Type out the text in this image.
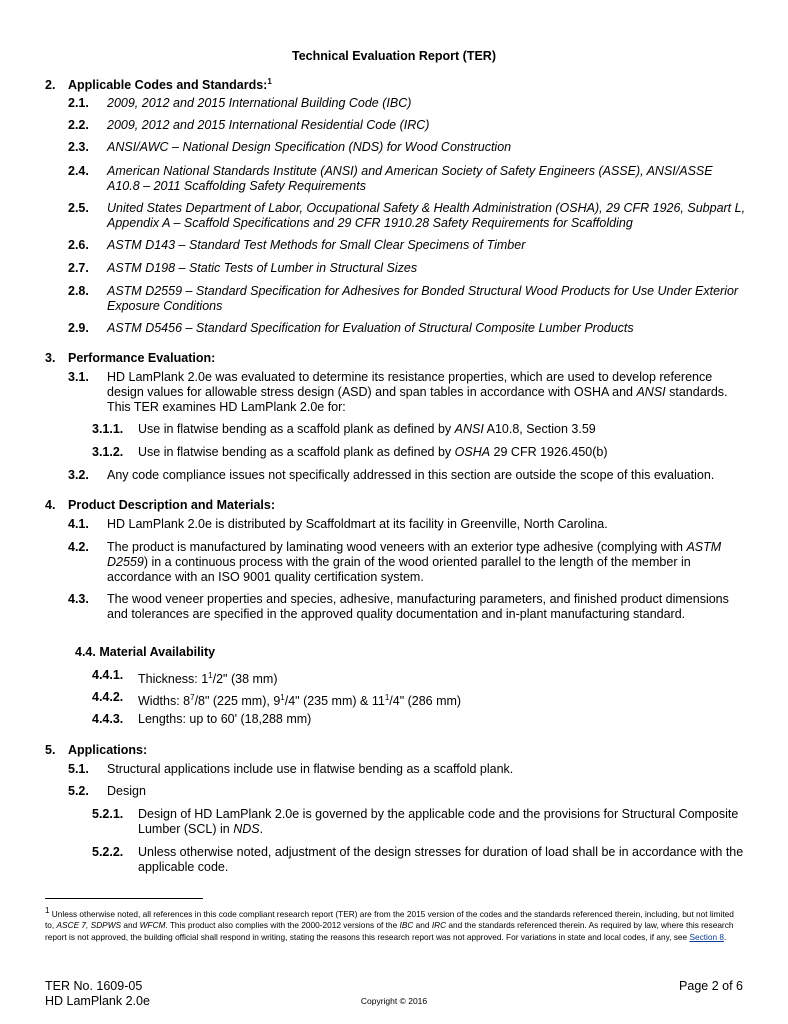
Technical Evaluation Report (TER)
2. Applicable Codes and Standards:$^1$
2.1. 2009, 2012 and 2015 International Building Code (IBC)
2.2. 2009, 2012 and 2015 International Residential Code (IRC)
2.3. ANSI/AWC – National Design Specification (NDS) for Wood Construction
2.4. American National Standards Institute (ANSI) and American Society of Safety Engineers (ASSE), ANSI/ASSE A10.8 – 2011 Scaffolding Safety Requirements
2.5. United States Department of Labor, Occupational Safety & Health Administration (OSHA), 29 CFR 1926, Subpart L, Appendix A – Scaffold Specifications and 29 CFR 1910.28 Safety Requirements for Scaffolding
2.6. ASTM D143 – Standard Test Methods for Small Clear Specimens of Timber
2.7. ASTM D198 – Static Tests of Lumber in Structural Sizes
2.8. ASTM D2559 – Standard Specification for Adhesives for Bonded Structural Wood Products for Use Under Exterior Exposure Conditions
2.9. ASTM D5456 – Standard Specification for Evaluation of Structural Composite Lumber Products
3. Performance Evaluation:
3.1. HD LamPlank 2.0e was evaluated to determine its resistance properties, which are used to develop reference design values for allowable stress design (ASD) and span tables in accordance with OSHA and ANSI standards. This TER examines HD LamPlank 2.0e for:
3.1.1. Use in flatwise bending as a scaffold plank as defined by ANSI A10.8, Section 3.59
3.1.2. Use in flatwise bending as a scaffold plank as defined by OSHA 29 CFR 1926.450(b)
3.2. Any code compliance issues not specifically addressed in this section are outside the scope of this evaluation.
4. Product Description and Materials:
4.1. HD LamPlank 2.0e is distributed by Scaffoldmart at its facility in Greenville, North Carolina.
4.2. The product is manufactured by laminating wood veneers with an exterior type adhesive (complying with ASTM D2559) in a continuous process with the grain of the wood oriented parallel to the length of the member in accordance with an ISO 9001 quality certification system.
4.3. The wood veneer properties and species, adhesive, manufacturing parameters, and finished product dimensions and tolerances are specified in the approved quality documentation and in-plant manufacturing standard.
4.4. Material Availability
4.4.1. Thickness: $1^1/2$" (38 mm)
4.4.2. Widths: $8^7/8$" (225 mm), $9^1/4$" (235 mm) & $11^1/4$" (286 mm)
4.4.3. Lengths: up to 60' (18,288 mm)
5. Applications:
5.1. Structural applications include use in flatwise bending as a scaffold plank.
5.2. Design
5.2.1. Design of HD LamPlank 2.0e is governed by the applicable code and the provisions for Structural Composite Lumber (SCL) in NDS.
5.2.2. Unless otherwise noted, adjustment of the design stresses for duration of load shall be in accordance with the applicable code.
$^1$ Unless otherwise noted, all references in this code compliant research report (TER) are from the 2015 version of the codes and the standards referenced therein, including, but not limited to, ASCE 7, SDPWS and WFCM. This product also complies with the 2000-2012 versions of the IBC and IRC and the standards referenced therein. As required by law, where this research report is not approved, the building official shall respond in writing, stating the reasons this research report was not approved. For variations in state and local codes, if any, see Section 8.
TER No. 1609-05
HD LamPlank 2.0e	Copyright © 2016
Page 2 of 6
